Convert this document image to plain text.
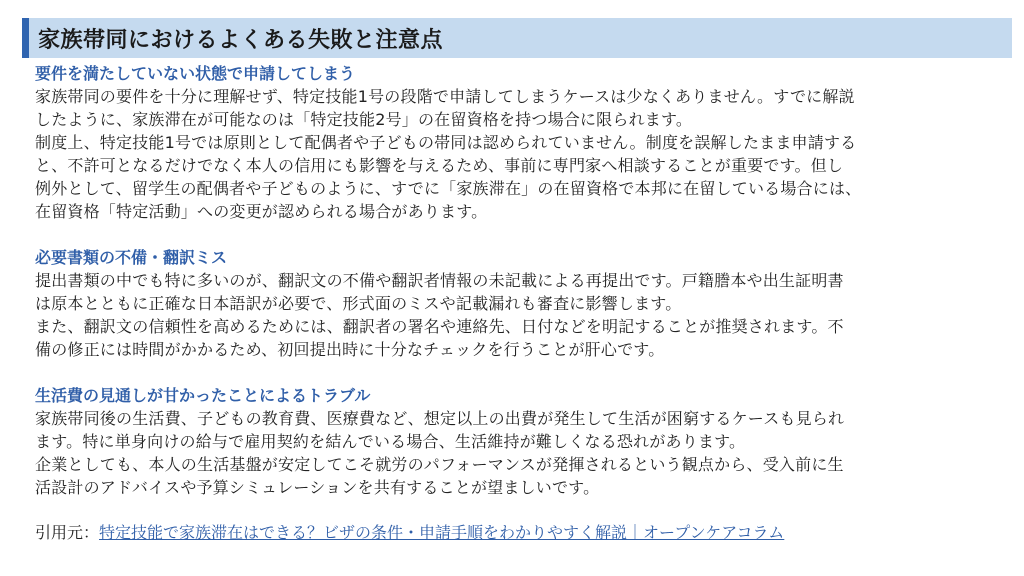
家族帯同におけるよくある失敗と注意点
要件を満たしていない状態で申請してしまう
家族帯同の要件を十分に理解せず、特定技能1号の段階で申請してしまうケースは少なくありません。すでに解説
したように、家族滞在が可能なのは「特定技能2号」の在留資格を持つ場合に限られます。
制度上、特定技能1号では原則として配偶者や子どもの帯同は認められていません。制度を誤解したまま申請する
と、不許可となるだけでなく本人の信用にも影響を与えるため、事前に専門家へ相談することが重要です。但し
例外として、留学生の配偶者や子どものように、すでに「家族滞在」の在留資格で本邦に在留している場合には、
在留資格「特定活動」への変更が認められる場合があります。
必要書類の不備・翻訳ミス
提出書類の中でも特に多いのが、翻訳文の不備や翻訳者情報の未記載による再提出です。戸籍謄本や出生証明書
は原本とともに正確な日本語訳が必要で、形式面のミスや記載漏れも審査に影響します。
また、翻訳文の信頼性を高めるためには、翻訳者の署名や連絡先、日付などを明記することが推奨されます。不
備の修正には時間がかかるため、初回提出時に十分なチェックを行うことが肝心です。
生活費の見通しが甘かったことによるトラブル
家族帯同後の生活費、子どもの教育費、医療費など、想定以上の出費が発生して生活が困窮するケースも見られ
ます。特に単身向けの給与で雇用契約を結んでいる場合、生活維持が難しくなる恐れがあります。
企業としても、本人の生活基盤が安定してこそ就労のパフォーマンスが発揮されるという観点から、受入前に生
活設計のアドバイスや予算シミュレーションを共有することが望ましいです。
引用元：特定技能で家族滞在はできる？ビザの条件・申請手順をわかりやすく解説｜オープンケアコラム
